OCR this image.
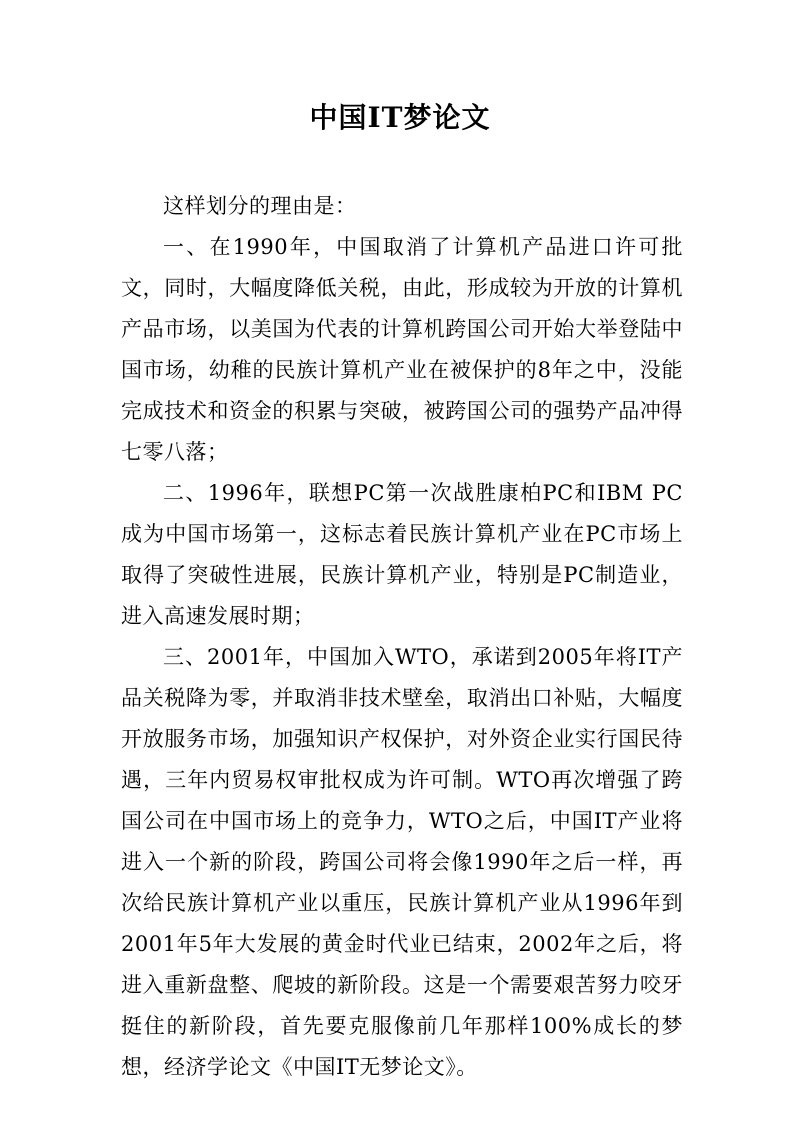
中国IT梦论文

这样划分的理由是：

一、在1990年，中国取消了计算机产品进口许可批文，同时，大幅度降低关税，由此，形成较为开放的计算机产品市场，以美国为代表的计算机跨国公司开始大举登陆中国市场，幼稚的民族计算机产业在被保护的8年之中，没能完成技术和资金的积累与突破，被跨国公司的强势产品冲得七零八落；

二、1996年，联想PC第一次战胜康柏PC和IBM PC成为中国市场第一，这标志着民族计算机产业在PC市场上取得了突破性进展，民族计算机产业，特别是PC制造业，进入高速发展时期；

三、2001年，中国加入WTO，承诺到2005年将IT产品关税降为零，并取消非技术壁垒，取消出口补贴，大幅度开放服务市场，加强知识产权保护，对外资企业实行国民待遇，三年内贸易权审批权成为许可制。WTO再次增强了跨国公司在中国市场上的竞争力，WTO之后，中国IT产业将进入一个新的阶段，跨国公司将会像1990年之后一样，再次给民族计算机产业以重压，民族计算机产业从1996年到2001年5年大发展的黄金时代业已结束，2002年之后，将进入重新盘整、爬坡的新阶段。这是一个需要艰苦努力咬牙挺住的新阶段，首先要克服像前几年那样100%成长的梦想，经济学论文《中国IT无梦论文》。
